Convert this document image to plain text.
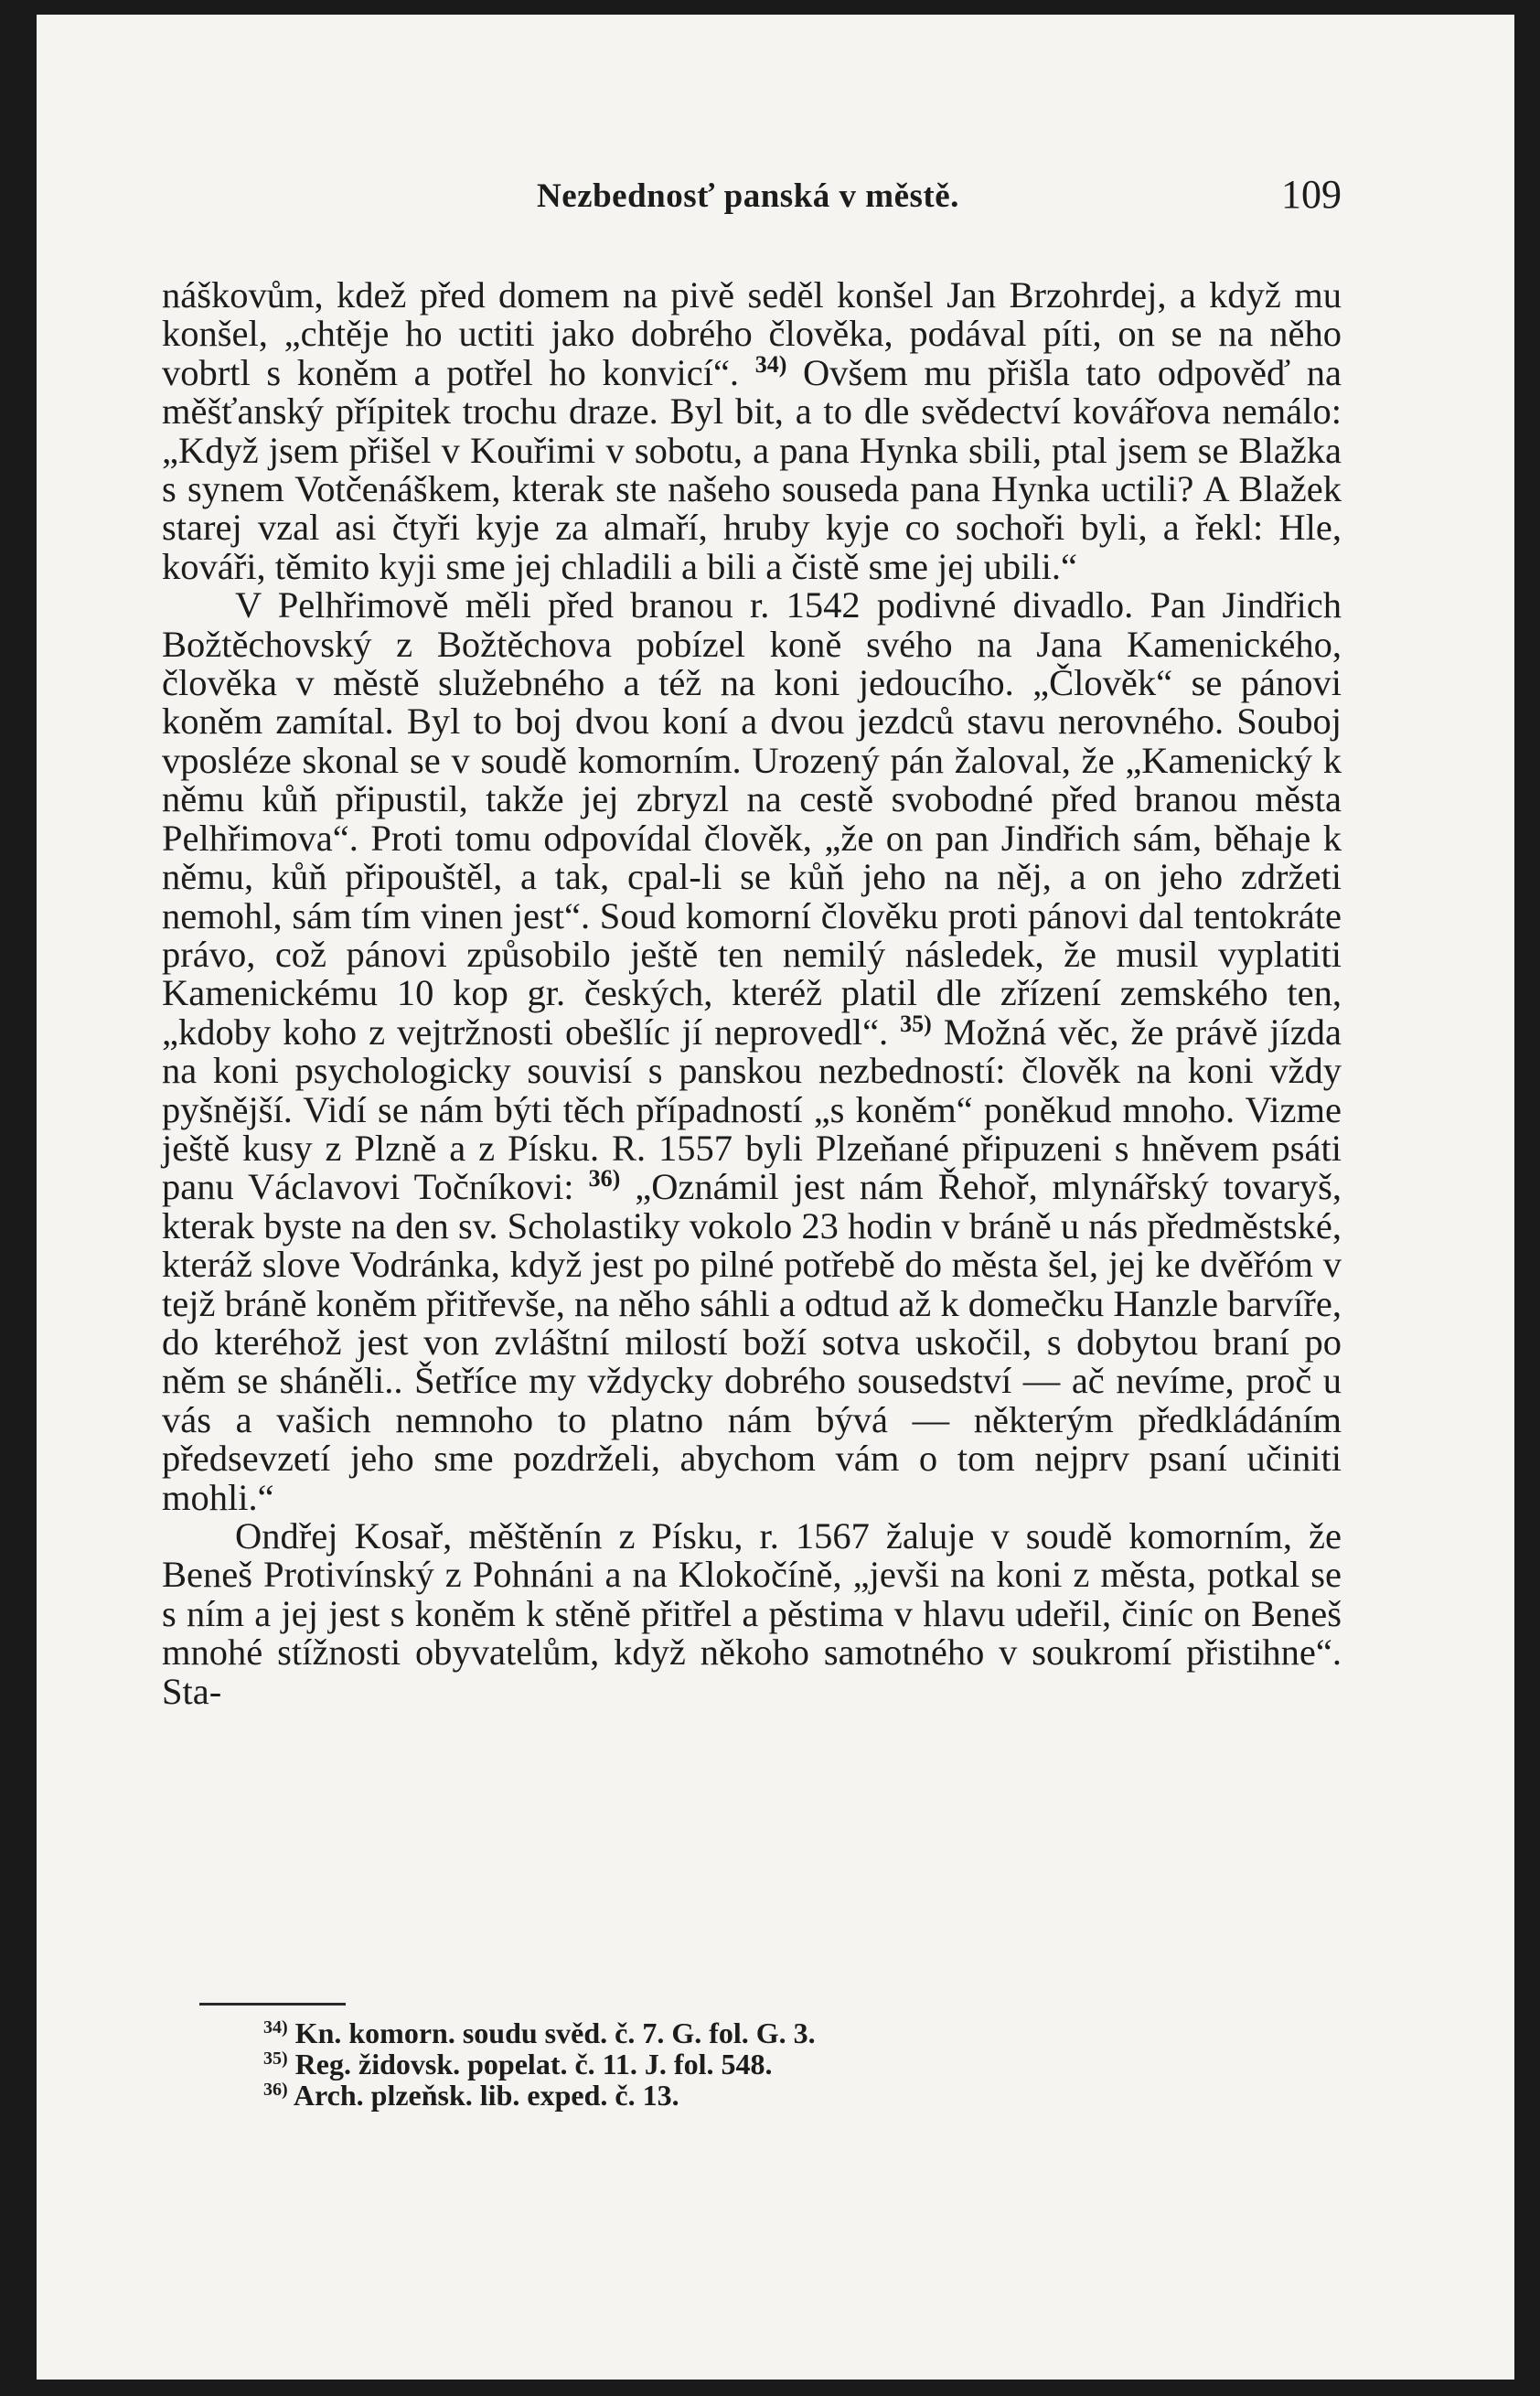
Nezbednosť panská v městě.	109

náškovům, kdež před domem na pivě seděl konšel Jan Brzohrdej, a když mu konšel, „chtěje ho uctiti jako dobrého člověka, podával píti, on se na něho vobrtl s koněm a potřel ho konvicí“. $^{34)}$ Ovšem mu přišla tato odpověď na měšťanský přípitek trochu draze. Byl bit, a to dle svědectví kovářova nemálo: „Když jsem přišel v Kouřimi v sobotu, a pana Hynka sbili, ptal jsem se Blažka s synem Votčenáškem, kterak ste našeho souseda pana Hynka uctili? A Blažek starej vzal asi čtyři kyje za almaří, hruby kyje co sochoři byli, a řekl: Hle, kováři, těmito kyji sme jej chladili a bili a čistě sme jej ubili.“

V Pelhřimově měli před branou r. 1542 podivné divadlo. Pan Jindřich Božtěchovský z Božtěchova pobízel koně svého na Jana Kamenického, člověka v městě služebného a též na koni jedoucího. „Člověk“ se pánovi koněm zamítal. Byl to boj dvou koní a dvou jezdců stavu nerovného. Souboj vposléze skonal se v soudě komorním. Urozený pán žaloval, že „Kamenický k němu kůň připustil, takže jej zbryzl na cestě svobodné před branou města Pelhřimova“. Proti tomu odpovídal člověk, „že on pan Jindřich sám, běhaje k němu, kůň připouštěl, a tak, cpal-li se kůň jeho na něj, a on jeho zdržeti nemohl, sám tím vinen jest“. Soud komorní člověku proti pánovi dal tentokráte právo, což pánovi způsobilo ještě ten nemilý následek, že musil vyplatiti Kamenickému 10 kop gr. českých, kteréž platil dle zřízení zemského ten, „kdoby koho z vejtržnosti obešlíc jí neprovedl“. $^{35)}$ Možná věc, že právě jízda na koni psychologicky souvisí s panskou nezbedností: člověk na koni vždy pyšnější. Vidí se nám býti těch případností „s koněm“ poněkud mnoho. Vizme ještě kusy z Plzně a z Písku. R. 1557 byli Plzeňané připuzeni s hněvem psáti panu Václavovi Točníkovi: $^{36)}$ „Oznámil jest nám Řehoř, mlynářský tovaryš, kterak byste na den sv. Scholastiky vokolo 23 hodin v bráně u nás předměstské, kteráž slove Vodránka, když jest po pilné potřebě do města šel, jej ke dvěřóm v tejž bráně koněm přitřevše, na něho sáhli a odtud až k domečku Hanzle barvíře, do kteréhož jest von zvláštní milostí boží sotva uskočil, s dobytou braní po něm se sháněli.. Šetříce my vždycky dobrého sousedství — ač nevíme, proč u vás a vašich nemnoho to platno nám bývá — některým předkládáním předsevzetí jeho sme pozdrželi, abychom vám o tom nejprv psaní učiniti mohli.“

Ondřej Kosař, měštěnín z Písku, r. 1567 žaluje v soudě komorním, že Beneš Protivínský z Pohnáni a na Klokočíně, „jevši na koni z města, potkal se s ním a jej jest s koněm k stěně přitřel a pěstima v hlavu udeřil, činíc on Beneš mnohé stížnosti obyvatelům, když někoho samotného v soukromí přistihne“. Sta-

$^{34)}$ Kn. komorn. soudu svěd. č. 7. G. fol. G. 3.
$^{35)}$ Reg. židovsk. popelat. č. 11. J. fol. 548.
$^{36)}$ Arch. plzeňsk. lib. exped. č. 13.
